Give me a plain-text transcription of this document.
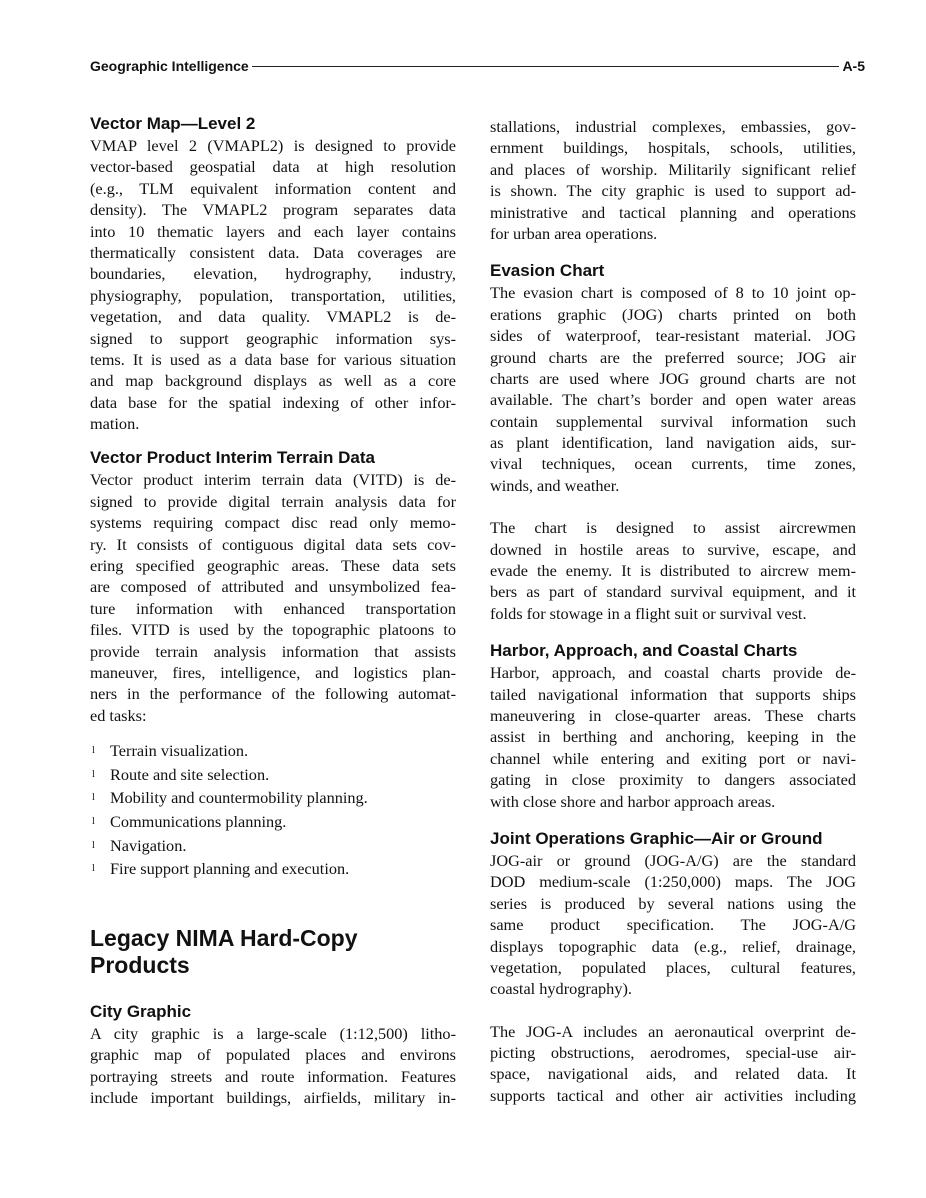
Geographic Intelligence	A-5
Vector Map—Level 2
VMAP level 2 (VMAPL2) is designed to provide
vector-based geospatial data at high resolution
(e.g., TLM equivalent information content and
density). The VMAPL2 program separates data
into 10 thematic layers and each layer contains
thermatically consistent data. Data coverages are
boundaries, elevation, hydrography, industry,
physiography, population, transportation, utilities,
vegetation, and data quality. VMAPL2 is de-
signed to support geographic information sys-
tems. It is used as a data base for various situation
and map background displays as well as a core
data base for the spatial indexing of other infor-
mation.
Vector Product Interim Terrain Data
Vector product interim terrain data (VITD) is de-
signed to provide digital terrain analysis data for
systems requiring compact disc read only memo-
ry. It consists of contiguous digital data sets cov-
ering specified geographic areas. These data sets
are composed of attributed and unsymbolized fea-
ture information with enhanced transportation
files. VITD is used by the topographic platoons to
provide terrain analysis information that assists
maneuver, fires, intelligence, and logistics plan-
ners in the performance of the following automat-
ed tasks:
l Terrain visualization.
l Route and site selection.
l Mobility and countermobility planning.
l Communications planning.
l Navigation.
l Fire support planning and execution.
Legacy NIMA Hard-Copy
Products
City Graphic
A city graphic is a large-scale (1:12,500) litho-
graphic map of populated places and environs
portraying streets and route information. Features
include important buildings, airfields, military in-
stallations, industrial complexes, embassies, gov-
ernment buildings, hospitals, schools, utilities,
and places of worship. Militarily significant relief
is shown. The city graphic is used to support ad-
ministrative and tactical planning and operations
for urban area operations.
Evasion Chart
The evasion chart is composed of 8 to 10 joint op-
erations graphic (JOG) charts printed on both
sides of waterproof, tear-resistant material. JOG
ground charts are the preferred source; JOG air
charts are used where JOG ground charts are not
available. The chart’s border and open water areas
contain supplemental survival information such
as plant identification, land navigation aids, sur-
vival techniques, ocean currents, time zones,
winds, and weather.
The chart is designed to assist aircrewmen
downed in hostile areas to survive, escape, and
evade the enemy. It is distributed to aircrew mem-
bers as part of standard survival equipment, and it
folds for stowage in a flight suit or survival vest.
Harbor, Approach, and Coastal Charts
Harbor, approach, and coastal charts provide de-
tailed navigational information that supports ships
maneuvering in close-quarter areas. These charts
assist in berthing and anchoring, keeping in the
channel while entering and exiting port or navi-
gating in close proximity to dangers associated
with close shore and harbor approach areas.
Joint Operations Graphic—Air or Ground
JOG-air or ground (JOG-A/G) are the standard
DOD medium-scale (1:250,000) maps. The JOG
series is produced by several nations using the
same product specification. The JOG-A/G
displays topographic data (e.g., relief, drainage,
vegetation, populated places, cultural features,
coastal hydrography).
The JOG-A includes an aeronautical overprint de-
picting obstructions, aerodromes, special-use air-
space, navigational aids, and related data. It
supports tactical and other air activities including
